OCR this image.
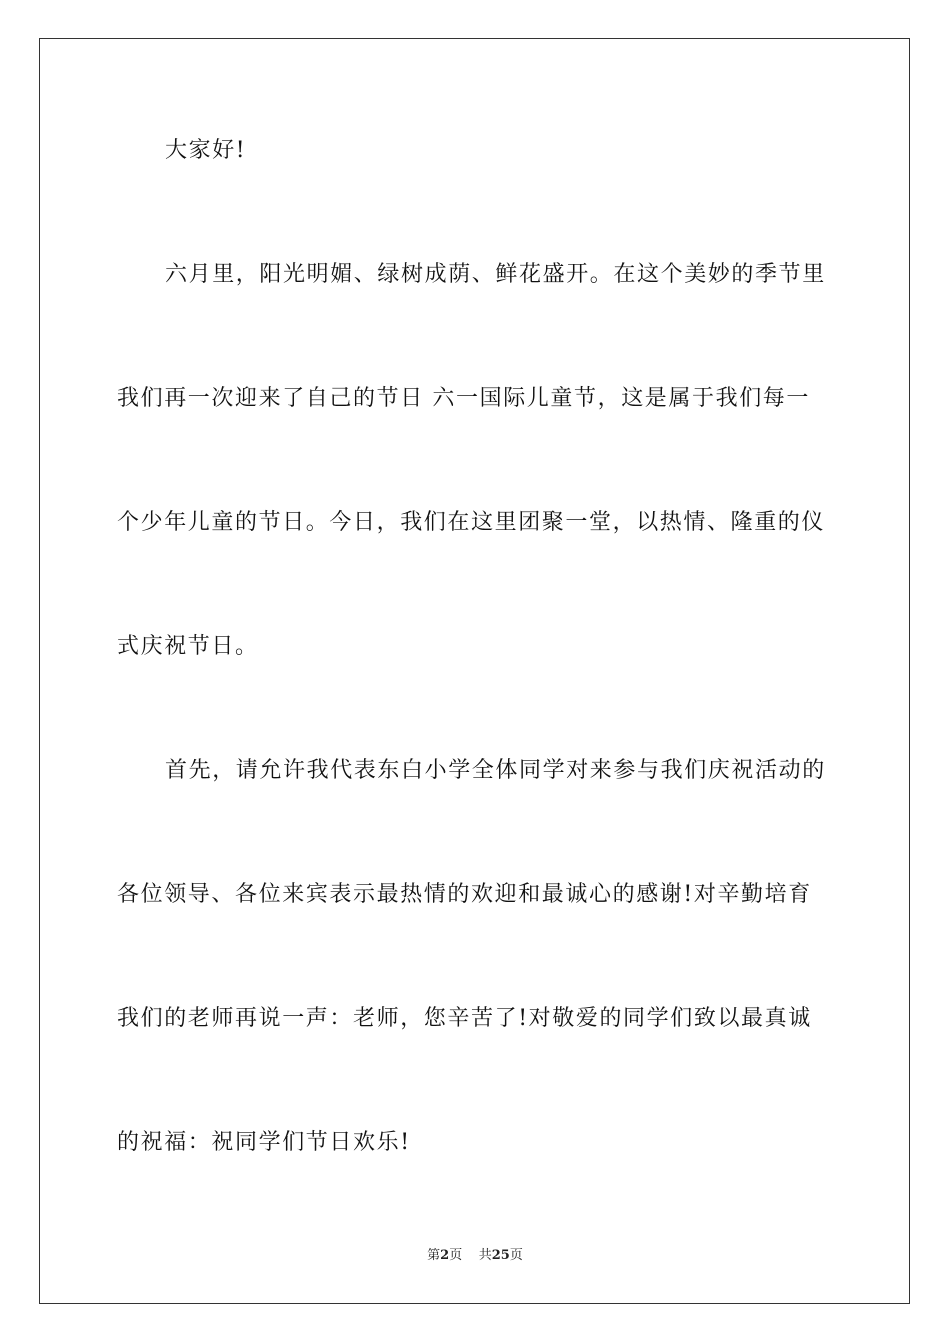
大家好!
六月里，阳光明媚、绿树成荫、鲜花盛开。在这个美妙的季节里
我们再一次迎来了自己的节日 六一国际儿童节，这是属于我们每一
个少年儿童的节日。今日，我们在这里团聚一堂，以热情、隆重的仪
式庆祝节日。
首先，请允许我代表东白小学全体同学对来参与我们庆祝活动的
各位领导、各位来宾表示最热情的欢迎和最诚心的感谢!对辛勤培育
我们的老师再说一声：老师，您辛苦了!对敬爱的同学们致以最真诚
的祝福：祝同学们节日欢乐!
第2页 共25页
